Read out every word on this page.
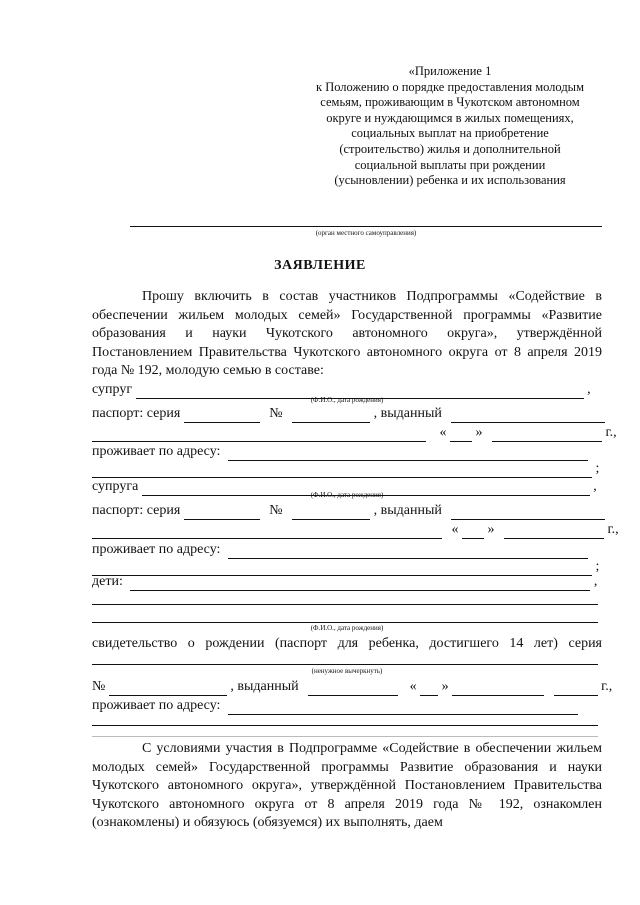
«Приложение 1
к Положению о порядке предоставления молодым
семьям, проживающим в Чукотском автономном
округе и нуждающимся в жилых помещениях,
социальных выплат на приобретение
(строительство) жилья и дополнительной
социальной выплаты при рождении
(усыновлении) ребенка и их использования
(орган местного самоуправления)
ЗАЯВЛЕНИЕ
Прошу включить в состав участников Подпрограммы «Содействие в обеспечении жильем молодых семей» Государственной программы «Развитие образования и науки Чукотского автономного округа», утверждённой Постановлением Правительства Чукотского автономного округа от 8 апреля 2019 года № 192, молодую семью в составе:
супруг	,
(Ф.И.О., дата рождения)
паспорт: серия	№	, выданный
« »	г.,
проживает по адресу:
;
супруга	,
(Ф.И.О., дата рождения)
паспорт: серия	№	, выданный
« »	г.,
проживает по адресу:
;
дети:	,
(Ф.И.О., дата рождения)
свидетельство о рождении (паспорт для ребенка, достигшего 14 лет) серия
(ненужное вычеркнуть)
№	, выданный	« »	г.,
проживает по адресу:
С условиями участия в Подпрограмме «Содействие в обеспечении жильем молодых семей» Государственной программы Развитие образования и науки Чукотского автономного округа», утверждённой Постановлением Правительства Чукотского автономного округа от 8 апреля 2019 года № 192, ознакомлен (ознакомлены) и обязуюсь (обязуемся) их выполнять, даем
